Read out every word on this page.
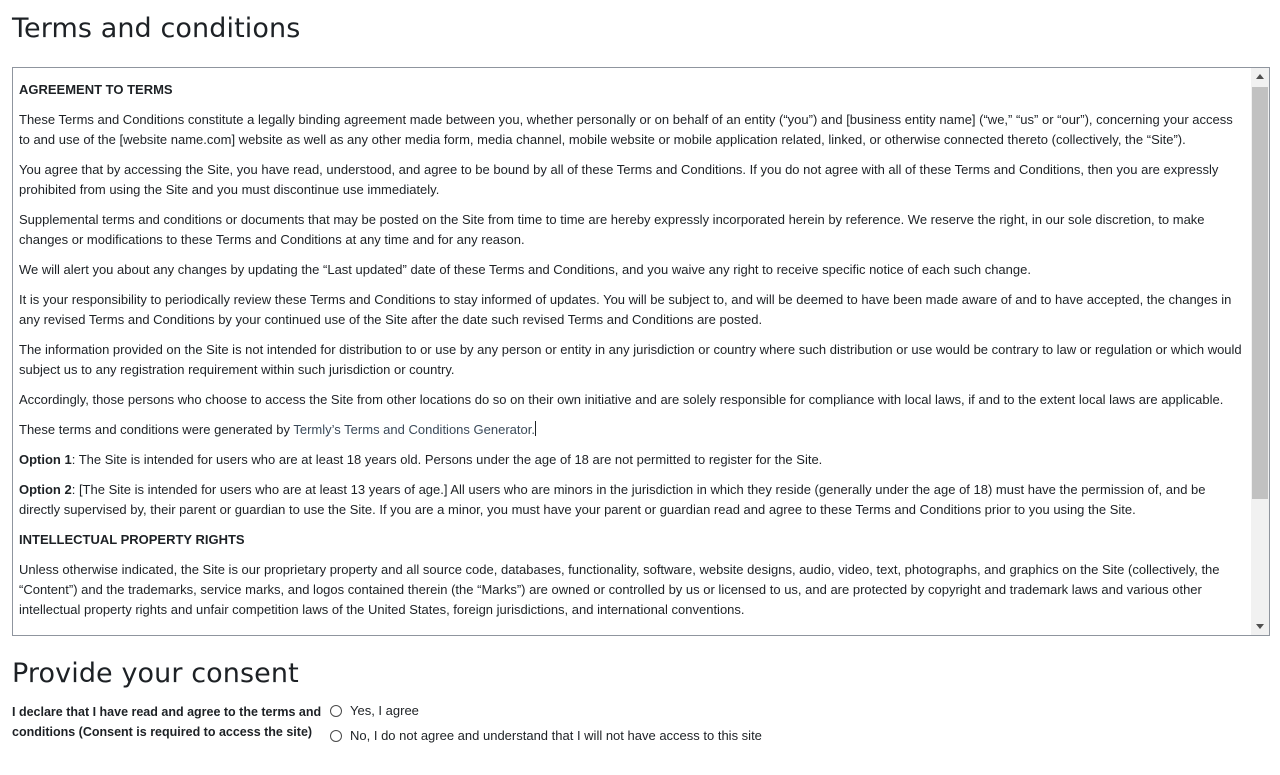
Terms and conditions

AGREEMENT TO TERMS

These Terms and Conditions constitute a legally binding agreement made between you, whether personally or on behalf of an entity (“you”) and [business entity name] (“we,” “us” or “our”), concerning your access to and use of the [website name.com] website as well as any other media form, media channel, mobile website or mobile application related, linked, or otherwise connected thereto (collectively, the “Site”).

You agree that by accessing the Site, you have read, understood, and agree to be bound by all of these Terms and Conditions. If you do not agree with all of these Terms and Conditions, then you are expressly prohibited from using the Site and you must discontinue use immediately.

Supplemental terms and conditions or documents that may be posted on the Site from time to time are hereby expressly incorporated herein by reference. We reserve the right, in our sole discretion, to make changes or modifications to these Terms and Conditions at any time and for any reason.

We will alert you about any changes by updating the “Last updated” date of these Terms and Conditions, and you waive any right to receive specific notice of each such change.

It is your responsibility to periodically review these Terms and Conditions to stay informed of updates. You will be subject to, and will be deemed to have been made aware of and to have accepted, the changes in any revised Terms and Conditions by your continued use of the Site after the date such revised Terms and Conditions are posted.

The information provided on the Site is not intended for distribution to or use by any person or entity in any jurisdiction or country where such distribution or use would be contrary to law or regulation or which would subject us to any registration requirement within such jurisdiction or country.

Accordingly, those persons who choose to access the Site from other locations do so on their own initiative and are solely responsible for compliance with local laws, if and to the extent local laws are applicable.

These terms and conditions were generated by Termly’s Terms and Conditions Generator.

Option 1: The Site is intended for users who are at least 18 years old. Persons under the age of 18 are not permitted to register for the Site.

Option 2: [The Site is intended for users who are at least 13 years of age.] All users who are minors in the jurisdiction in which they reside (generally under the age of 18) must have the permission of, and be directly supervised by, their parent or guardian to use the Site. If you are a minor, you must have your parent or guardian read and agree to these Terms and Conditions prior to you using the Site.

INTELLECTUAL PROPERTY RIGHTS

Unless otherwise indicated, the Site is our proprietary property and all source code, databases, functionality, software, website designs, audio, video, text, photographs, and graphics on the Site (collectively, the “Content”) and the trademarks, service marks, and logos contained therein (the “Marks”) are owned or controlled by us or licensed to us, and are protected by copyright and trademark laws and various other intellectual property rights and unfair competition laws of the United States, foreign jurisdictions, and international conventions.

Provide your consent
I declare that I have read and agree to the terms and conditions (Consent is required to access the site)
Yes, I agree
No, I do not agree and understand that I will not have access to this site
